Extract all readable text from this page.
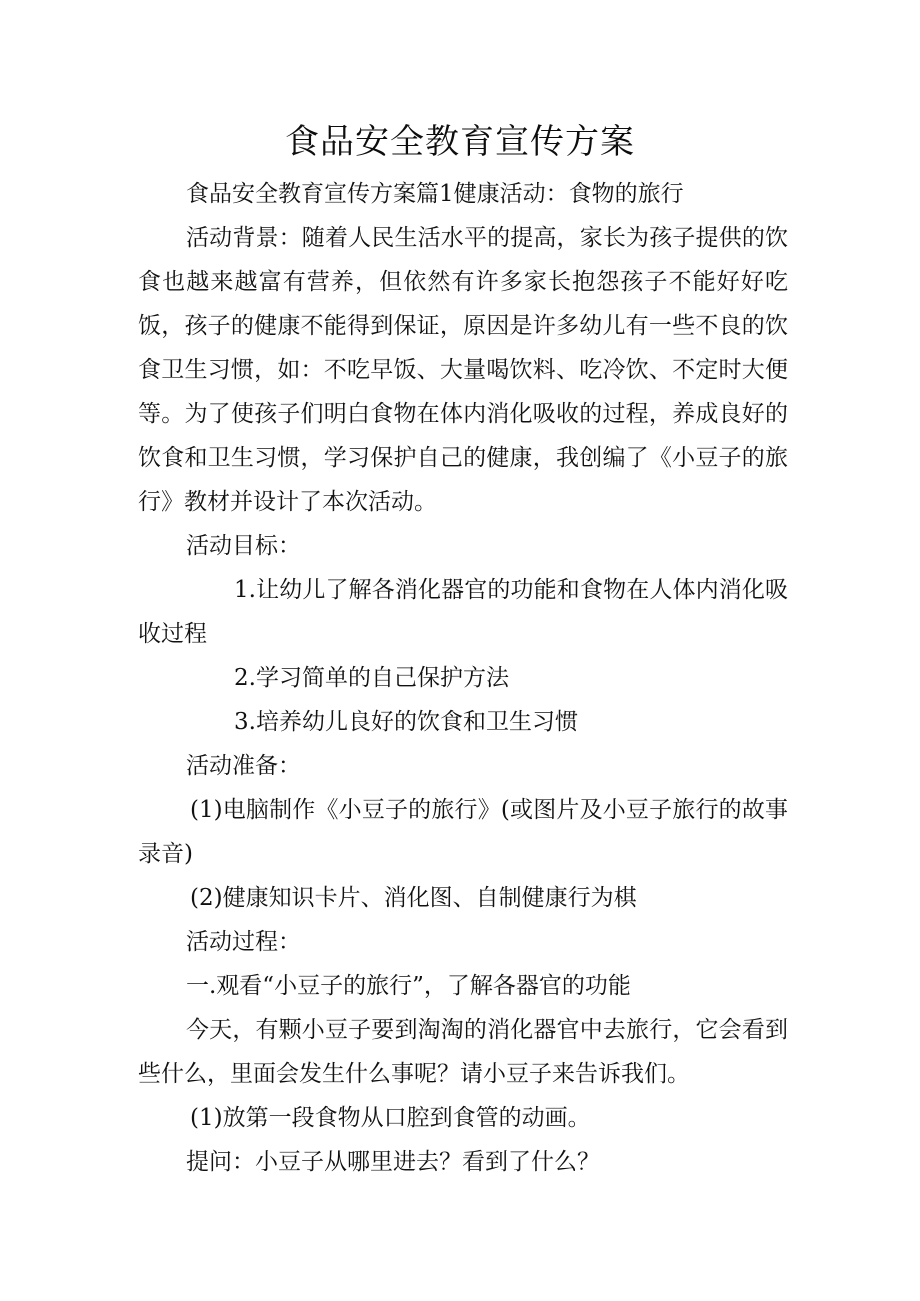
食品安全教育宣传方案

食品安全教育宣传方案篇1健康活动：食物的旅行

活动背景：随着人民生活水平的提高，家长为孩子提供的饮食也越来越富有营养，但依然有许多家长抱怨孩子不能好好吃饭，孩子的健康不能得到保证，原因是许多幼儿有一些不良的饮食卫生习惯，如：不吃早饭、大量喝饮料、吃冷饮、不定时大便等。为了使孩子们明白食物在体内消化吸收的过程，养成良好的饮食和卫生习惯，学习保护自己的健康，我创编了《小豆子的旅行》教材并设计了本次活动。

活动目标：

1.让幼儿了解各消化器官的功能和食物在人体内消化吸收过程

2.学习简单的自己保护方法

3.培养幼儿良好的饮食和卫生习惯

活动准备：

(1)电脑制作《小豆子的旅行》(或图片及小豆子旅行的故事录音)

(2)健康知识卡片、消化图、自制健康行为棋

活动过程：

一.观看“小豆子的旅行”，了解各器官的功能

今天，有颗小豆子要到淘淘的消化器官中去旅行，它会看到些什么，里面会发生什么事呢？请小豆子来告诉我们。

(1)放第一段食物从口腔到食管的动画。

提问：小豆子从哪里进去？看到了什么？
